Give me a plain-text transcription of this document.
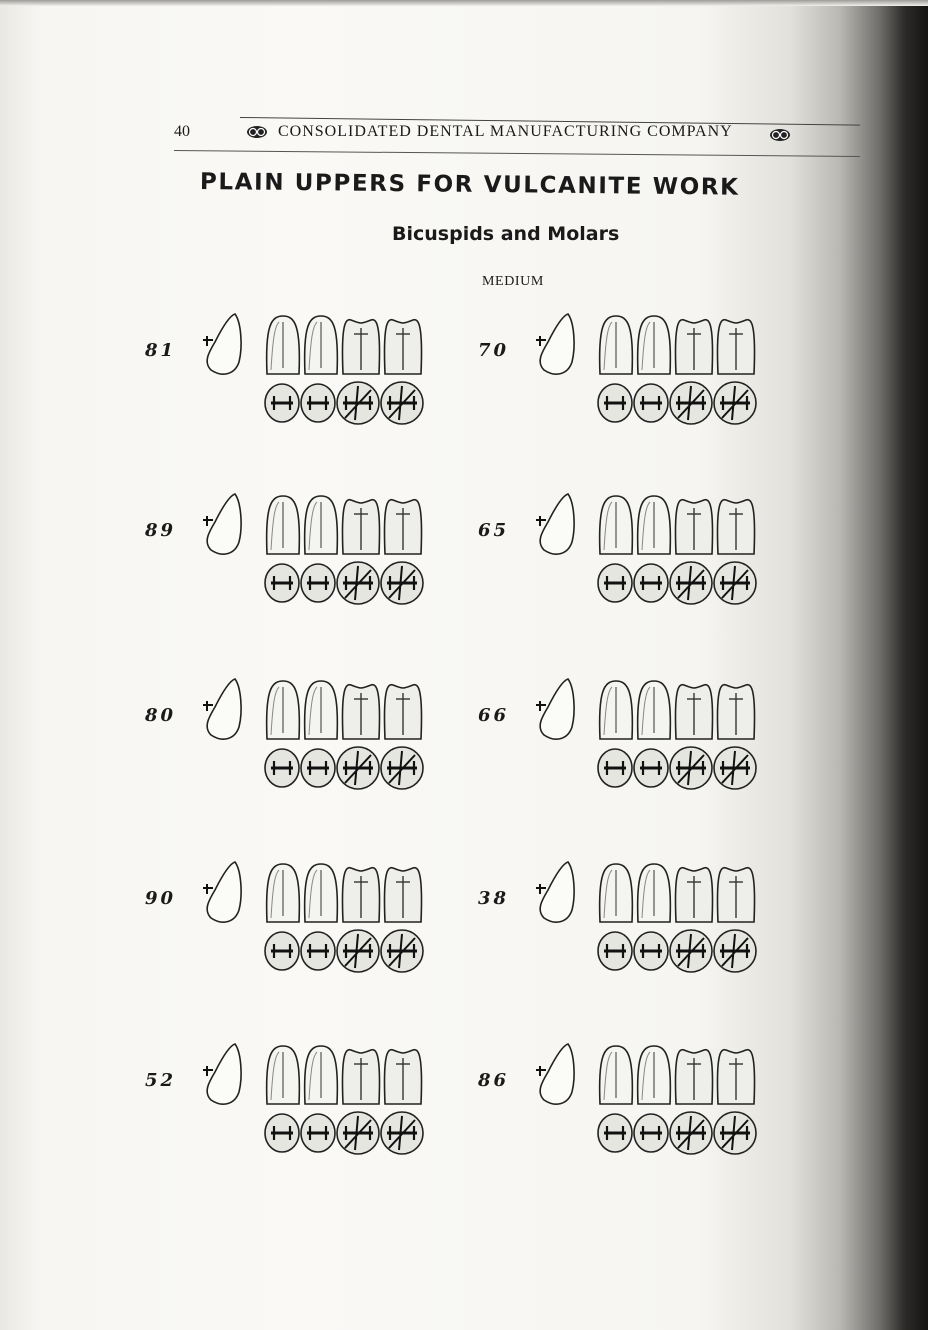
40	CONSOLIDATED DENTAL MANUFACTURING COMPANY
PLAIN UPPERS FOR VULCANITE WORK
Bicuspids and Molars
MEDIUM
81	70
89	65
80	66
90	38
52	86
